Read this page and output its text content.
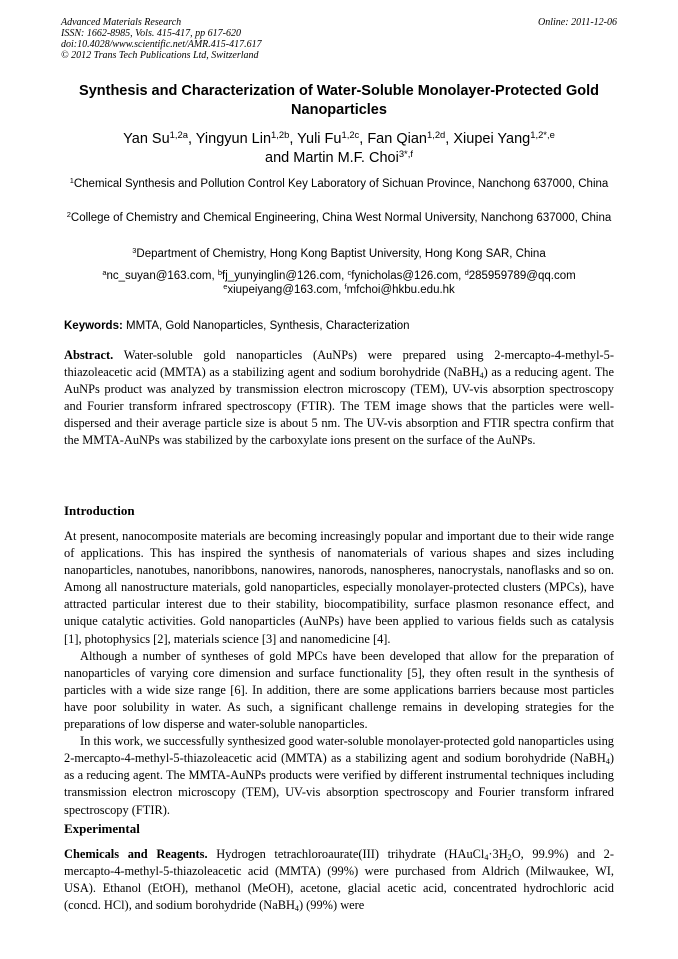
Advanced Materials Research
ISSN: 1662-8985, Vols. 415-417, pp 617-620
doi:10.4028/www.scientific.net/AMR.415-417.617
© 2012 Trans Tech Publications Ltd, Switzerland
Online: 2011-12-06
Synthesis and Characterization of Water-Soluble Monolayer-Protected Gold Nanoparticles
Yan $Su^{1,2a}$, Yingyun Lin$^{1,2b}$, Yuli $Fu^{1,2c}$, Fan Qian$^{1,2d}$, Xiupei Yang$^{1,2*,e}$
and Martin M.F. Choi$^{3*,f}$
$^1$Chemical Synthesis and Pollution Control Key Laboratory of Sichuan Province, Nanchong 637000, China
$^2$College of Chemistry and Chemical Engineering, China West Normal University, Nanchong 637000, China
$^3$Department of Chemistry, Hong Kong Baptist University, Hong Kong SAR, China
$^a$nc_suyan@163.com, $^b$fj_yunyinglin@126.com, $^c$fynicholas@126.com, $^d$285959789@qq.com
$^e$xiupeiyang@163.com, $^f$mfchoi@hkbu.edu.hk
Keywords: MMTA, Gold Nanoparticles, Synthesis, Characterization

Abstract. Water-soluble gold nanoparticles (AuNPs) were prepared using 2-mercapto-4-methyl-5-thiazoleacetic acid (MMTA) as a stabilizing agent and sodium borohydride (NaBH$_4$) as a reducing agent. The AuNPs product was analyzed by transmission electron microscopy (TEM), UV-vis absorption spectroscopy and Fourier transform infrared spectroscopy (FTIR). The TEM image shows that the particles were well-dispersed and their average particle size is about 5 nm. The UV-vis absorption and FTIR spectra confirm that the MMTA-AuNPs was stabilized by the carboxylate ions present on the surface of the AuNPs.

Introduction

At present, nanocomposite materials are becoming increasingly popular and important due to their wide range of applications. This has inspired the synthesis of nanomaterials of various shapes and sizes including nanoparticles, nanotubes, nanoribbons, nanowires, nanorods, nanospheres, nanocrystals, nanoflasks and so on. Among all nanostructure materials, gold nanoparticles, especially monolayer-protected clusters (MPCs), have attracted particular interest due to their stability, biocompatibility, surface plasmon resonance effect, and unique catalytic activities. Gold nanoparticles (AuNPs) have been applied to various fields such as catalysis [1], photophysics [2], materials science [3] and nanomedicine [4].

Although a number of syntheses of gold MPCs have been developed that allow for the preparation of nanoparticles of varying core dimension and surface functionality [5], they often result in the synthesis of particles with a wide size range [6]. In addition, there are some applications barriers because most particles have poor solubility in water. As such, a significant challenge remains in developing strategies for the preparations of low disperse and water-soluble nanoparticles.

In this work, we successfully synthesized good water-soluble monolayer-protected gold nanoparticles using 2-mercapto-4-methyl-5-thiazoleacetic acid (MMTA) as a stabilizing agent and sodium borohydride (NaBH$_4$) as a reducing agent. The MMTA-AuNPs products were verified by different instrumental techniques including transmission electron microscopy (TEM), UV-vis absorption spectroscopy and Fourier transform infrared spectroscopy (FTIR).

Experimental

Chemicals and Reagents. Hydrogen tetrachloroaurate(III) trihydrate ($HAuCl_4\cdot 3H_2O$, 99.9%) and 2-mercapto-4-methyl-5-thiazoleacetic acid (MMTA) (99%) were purchased from Aldrich (Milwaukee, WI, USA). Ethanol (EtOH), methanol (MeOH), acetone, glacial acetic acid, concentrated hydrochloric acid (concd. HCl), and sodium borohydride (NaBH$_4$) (99%) were
